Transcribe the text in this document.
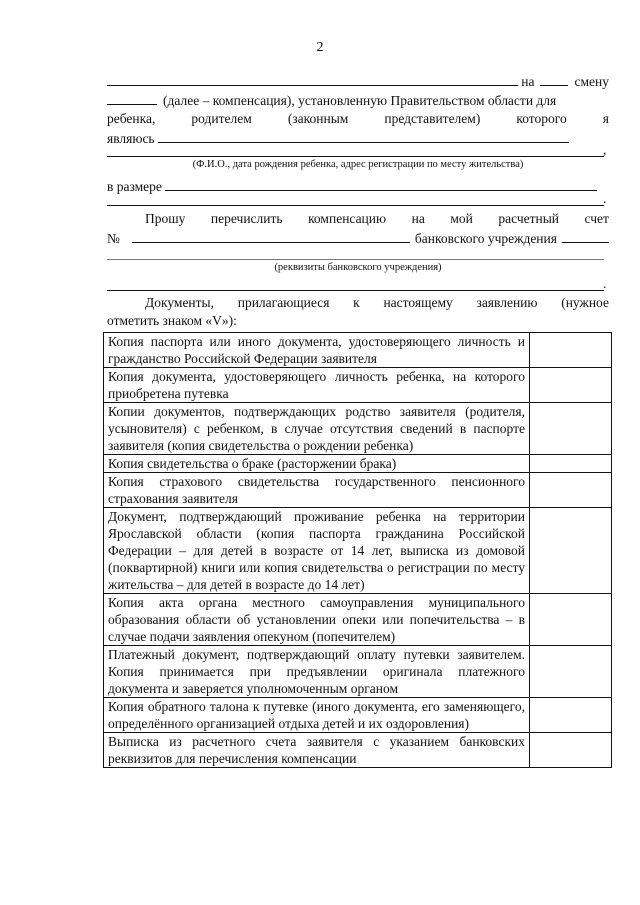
2
на	смену
(далее – компенсация), установленную Правительством области для
ребенка,	родителем	(законным	представителем)	которого	я
являюсь
,
(Ф.И.О., дата рождения ребенка, адрес регистрации по месту жительства)
в размере
.
Прошу перечислить компенсацию на мой расчетный счет
№	банковского учреждения
(реквизиты банковского учреждения)
.
Документы, прилагающиеся к настоящему заявлению (нужное
отметить знаком «V»):
Копия паспорта или иного документа, удостоверяющего личность и гражданство Российской Федерации заявителя	
Копия документа, удостоверяющего личность ребенка, на которого приобретена путевка	
Копии документов, подтверждающих родство заявителя (родителя, усыновителя) с ребенком, в случае отсутствия сведений в паспорте заявителя (копия свидетельства о рождении ребенка)	
Копия свидетельства о браке (расторжении брака)	
Копия страхового свидетельства государственного пенсионного страхования заявителя	
Документ, подтверждающий проживание ребенка на территории Ярославской области (копия паспорта гражданина Российской Федерации – для детей в возрасте от 14 лет, выписка из домовой (поквартирной) книги или копия свидетельства о регистрации по месту жительства – для детей в возрасте до 14 лет)	
Копия акта органа местного самоуправления муниципального образования области об установлении опеки или попечительства – в случае подачи заявления опекуном (попечителем)	
Платежный документ, подтверждающий оплату путевки заявителем. Копия принимается при предъявлении оригинала платежного документа и заверяется уполномоченным органом	
Копия обратного талона к путевке (иного документа, его заменяющего, определённого организацией отдыха детей и их оздоровления)	
Выписка из расчетного счета заявителя с указанием банковских реквизитов для перечисления компенсации	
